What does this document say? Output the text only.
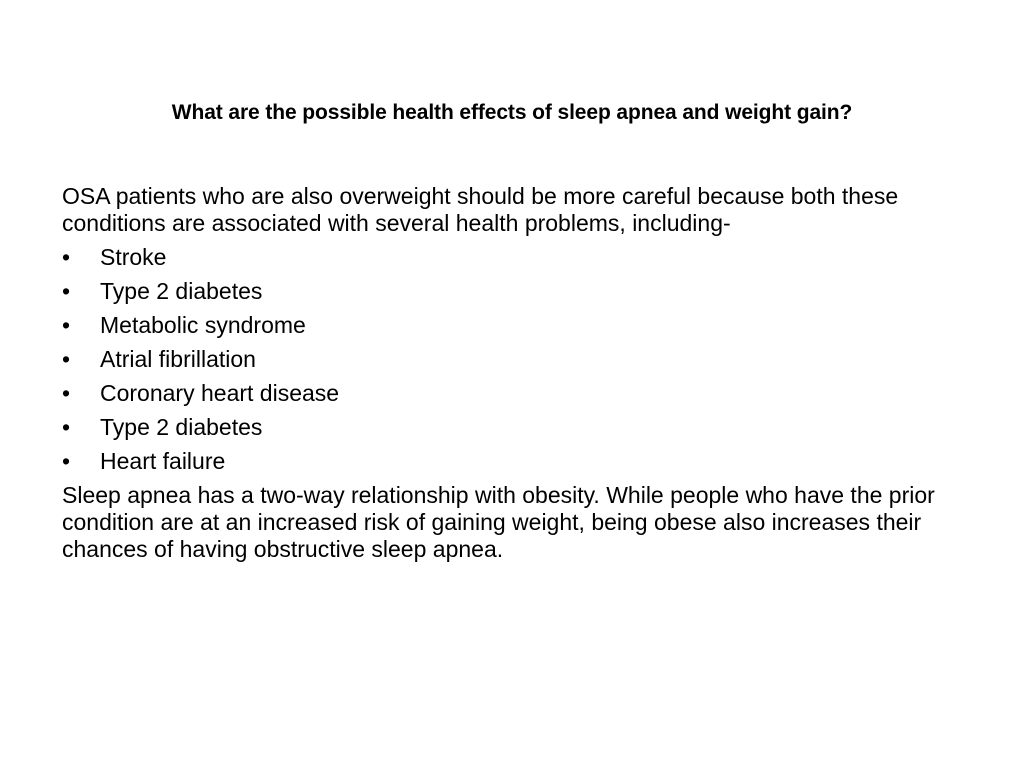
What are the possible health effects of sleep apnea and weight gain?

OSA patients who are also overweight should be more careful because both these conditions are associated with several health problems, including-

•	Stroke
•	Type 2 diabetes
•	Metabolic syndrome
•	Atrial fibrillation
•	Coronary heart disease
•	Type 2 diabetes
•	Heart failure

Sleep apnea has a two-way relationship with obesity. While people who have the prior condition are at an increased risk of gaining weight, being obese also increases their chances of having obstructive sleep apnea.
